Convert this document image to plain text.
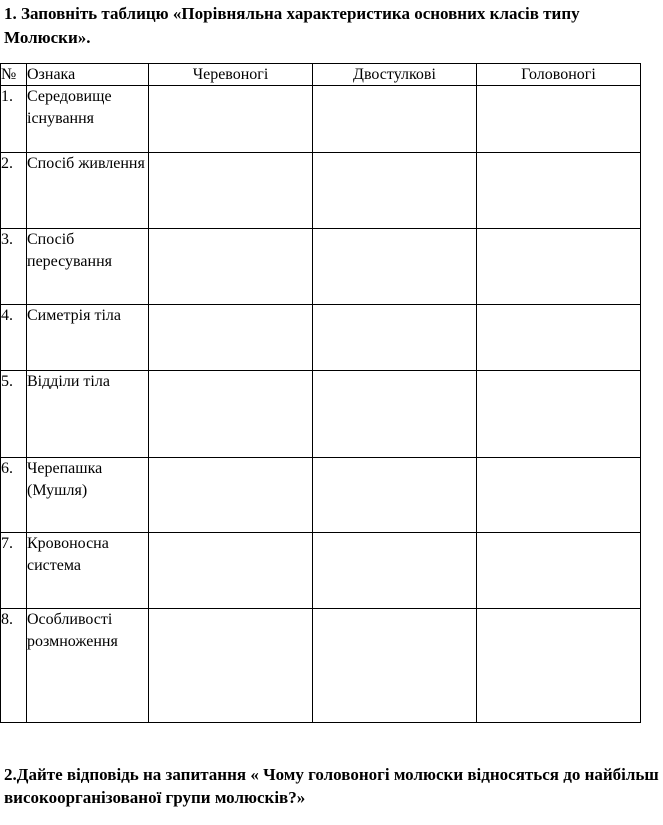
1. Заповніть таблицю «Порівняльна характеристика основних класів типу Молюски».

№	Ознака	Черевоногі	Двостулкові	Головоногі
1.	Середовище існування			
2.	Спосіб живлення			
3.	Спосіб пересування			
4.	Симетрія тіла			
5.	Відділи тіла			
6.	Черепашка (Мушля)			
7.	Кровоносна система			
8.	Особливості розмноження			

2.Дайте відповідь на запитання « Чому головоногі молюски відносяться до найбільш високоорганізованої групи молюсків?»
